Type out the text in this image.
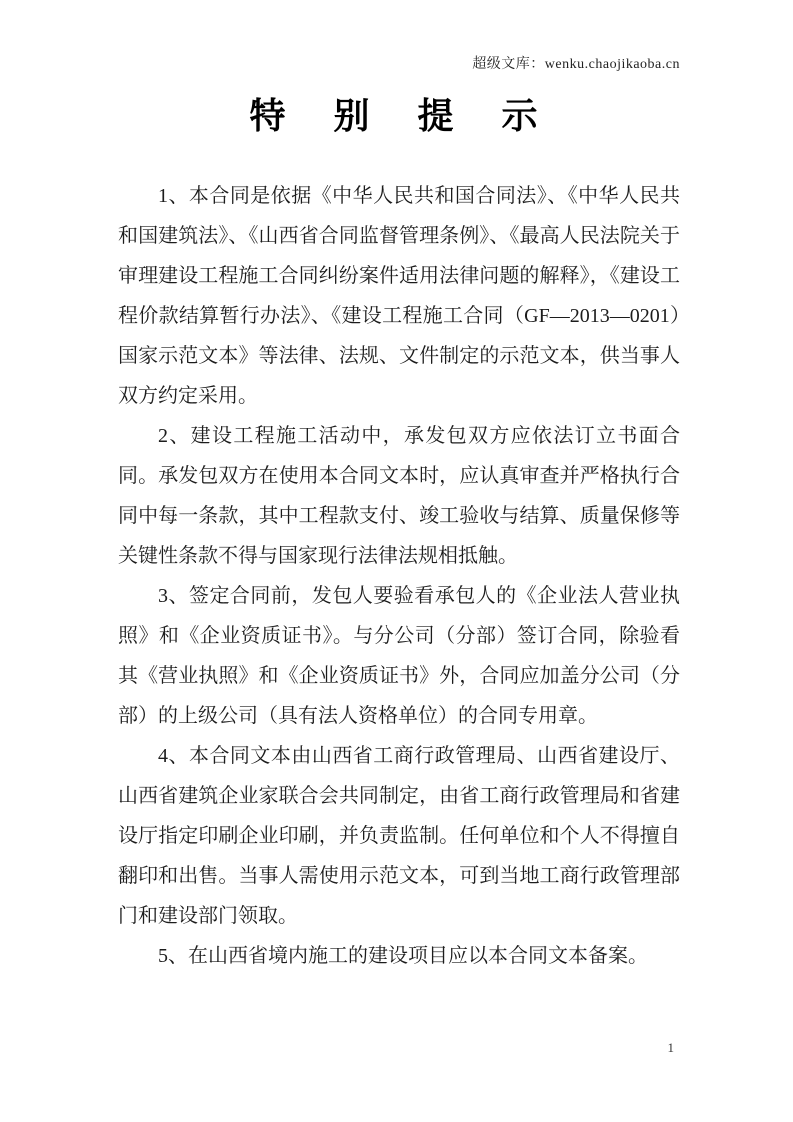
超级文库：wenku.chaojikaoba.cn
特　别　提　示

1、本合同是依据《中华人民共和国合同法》、《中华人民共和国建筑法》、《山西省合同监督管理条例》、《最高人民法院关于审理建设工程施工合同纠纷案件适用法律问题的解释》，《建设工程价款结算暂行办法》、《建设工程施工合同（GF—2013—0201）国家示范文本》等法律、法规、文件制定的示范文本，供当事人双方约定采用。

2、建设工程施工活动中，承发包双方应依法订立书面合同。承发包双方在使用本合同文本时，应认真审查并严格执行合同中每一条款，其中工程款支付、竣工验收与结算、质量保修等关键性条款不得与国家现行法律法规相抵触。

3、签定合同前，发包人要验看承包人的《企业法人营业执照》和《企业资质证书》。与分公司（分部）签订合同，除验看其《营业执照》和《企业资质证书》外，合同应加盖分公司（分部）的上级公司（具有法人资格单位）的合同专用章。

4、本合同文本由山西省工商行政管理局、山西省建设厅、山西省建筑企业家联合会共同制定，由省工商行政管理局和省建设厅指定印刷企业印刷，并负责监制。任何单位和个人不得擅自翻印和出售。当事人需使用示范文本，可到当地工商行政管理部门和建设部门领取。

5、在山西省境内施工的建设项目应以本合同文本备案。

1
